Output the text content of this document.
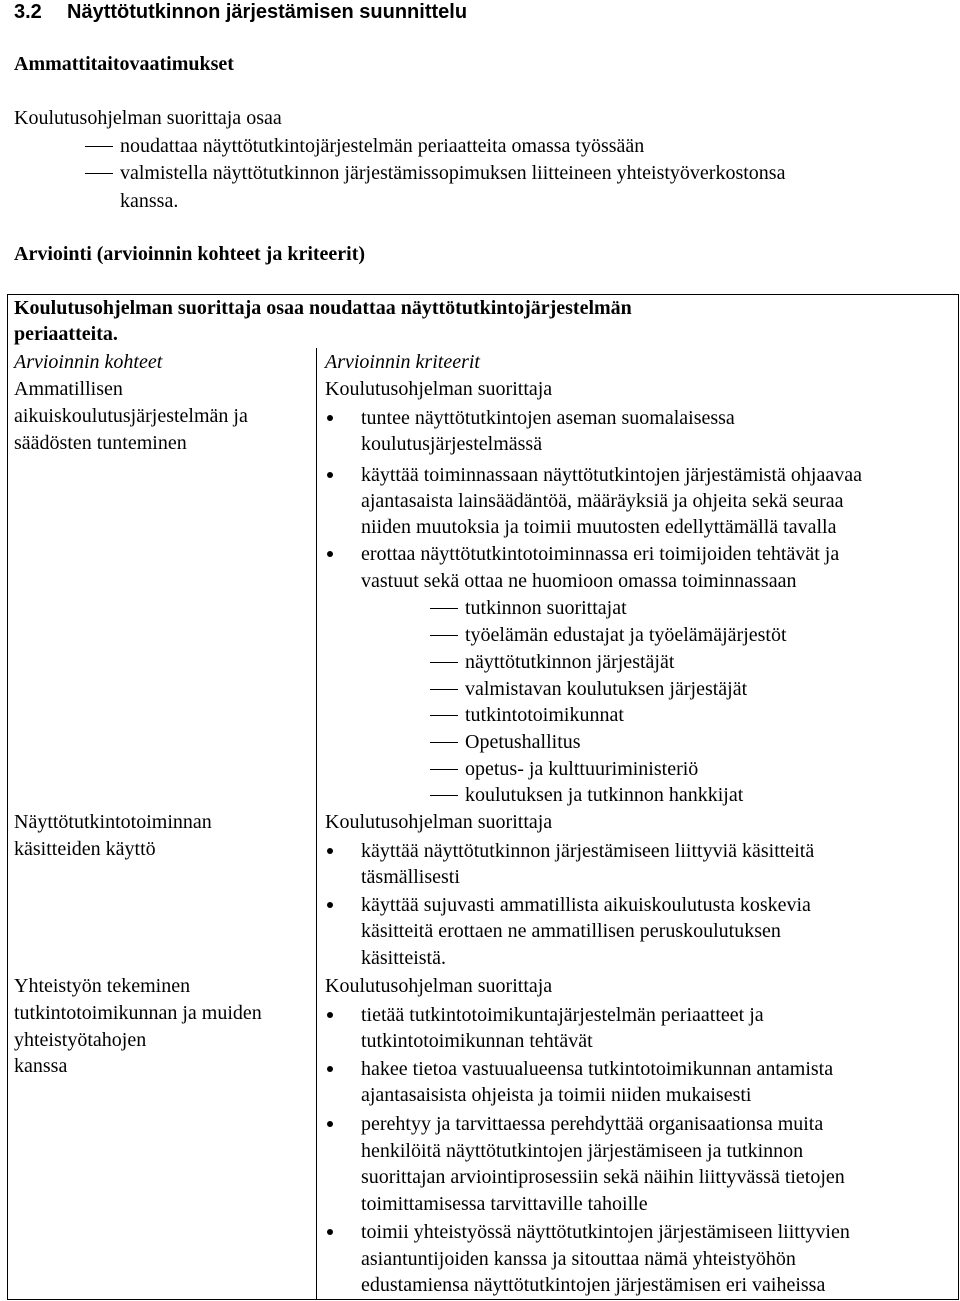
3.2 Näyttötutkinnon järjestämisen suunnittelu
Ammattitaitovaatimukset
Koulutusohjelman suorittaja osaa
noudattaa näyttötutkintojärjestelmän periaatteita omassa työssään
valmistella näyttötutkinnon järjestämissopimuksen liitteineen yhteistyöverkostonsa
kanssa.
Arviointi (arvioinnin kohteet ja kriteerit)
Koulutusohjelman suorittaja osaa noudattaa näyttötutkintojärjestelmän
periaatteita.
Arvioinnin kohteet	Arvioinnin kriteerit
Ammatillisen
aikuiskoulutusjärjestelmän ja
säädösten tunteminen
Koulutusohjelman suorittaja
tuntee näyttötutkintojen aseman suomalaisessa
koulutusjärjestelmässä
käyttää toiminnassaan näyttötutkintojen järjestämistä ohjaavaa
ajantasaista lainsäädäntöä, määräyksiä ja ohjeita sekä seuraa
niiden muutoksia ja toimii muutosten edellyttämällä tavalla
erottaa näyttötutkintotoiminnassa eri toimijoiden tehtävät ja
vastuut sekä ottaa ne huomioon omassa toiminnassaan
tutkinnon suorittajat
työelämän edustajat ja työelämäjärjestöt
näyttötutkinnon järjestäjät
valmistavan koulutuksen järjestäjät
tutkintotoimikunnat
Opetushallitus
opetus- ja kulttuuriministeriö
koulutuksen ja tutkinnon hankkijat
Näyttötutkintotoiminnan
käsitteiden käyttö
Koulutusohjelman suorittaja
käyttää näyttötutkinnon järjestämiseen liittyviä käsitteitä
täsmällisesti
käyttää sujuvasti ammatillista aikuiskoulutusta koskevia
käsitteitä erottaen ne ammatillisen peruskoulutuksen
käsitteistä.
Yhteistyön tekeminen
tutkintotoimikunnan ja muiden
yhteistyötahojen
kanssa
Koulutusohjelman suorittaja
tietää tutkintotoimikuntajärjestelmän periaatteet ja
tutkintotoimikunnan tehtävät
hakee tietoa vastuualueensa tutkintotoimikunnan antamista
ajantasaisista ohjeista ja toimii niiden mukaisesti
perehtyy ja tarvittaessa perehdyttää organisaationsa muita
henkilöitä näyttötutkintojen järjestämiseen ja tutkinnon
suorittajan arviointiprosessiin sekä näihin liittyvässä tietojen
toimittamisessa tarvittaville tahoille
toimii yhteistyössä näyttötutkintojen järjestämiseen liittyvien
asiantuntijoiden kanssa ja sitouttaa nämä yhteistyöhön
edustamiensa näyttötutkintojen järjestämisen eri vaiheissa
